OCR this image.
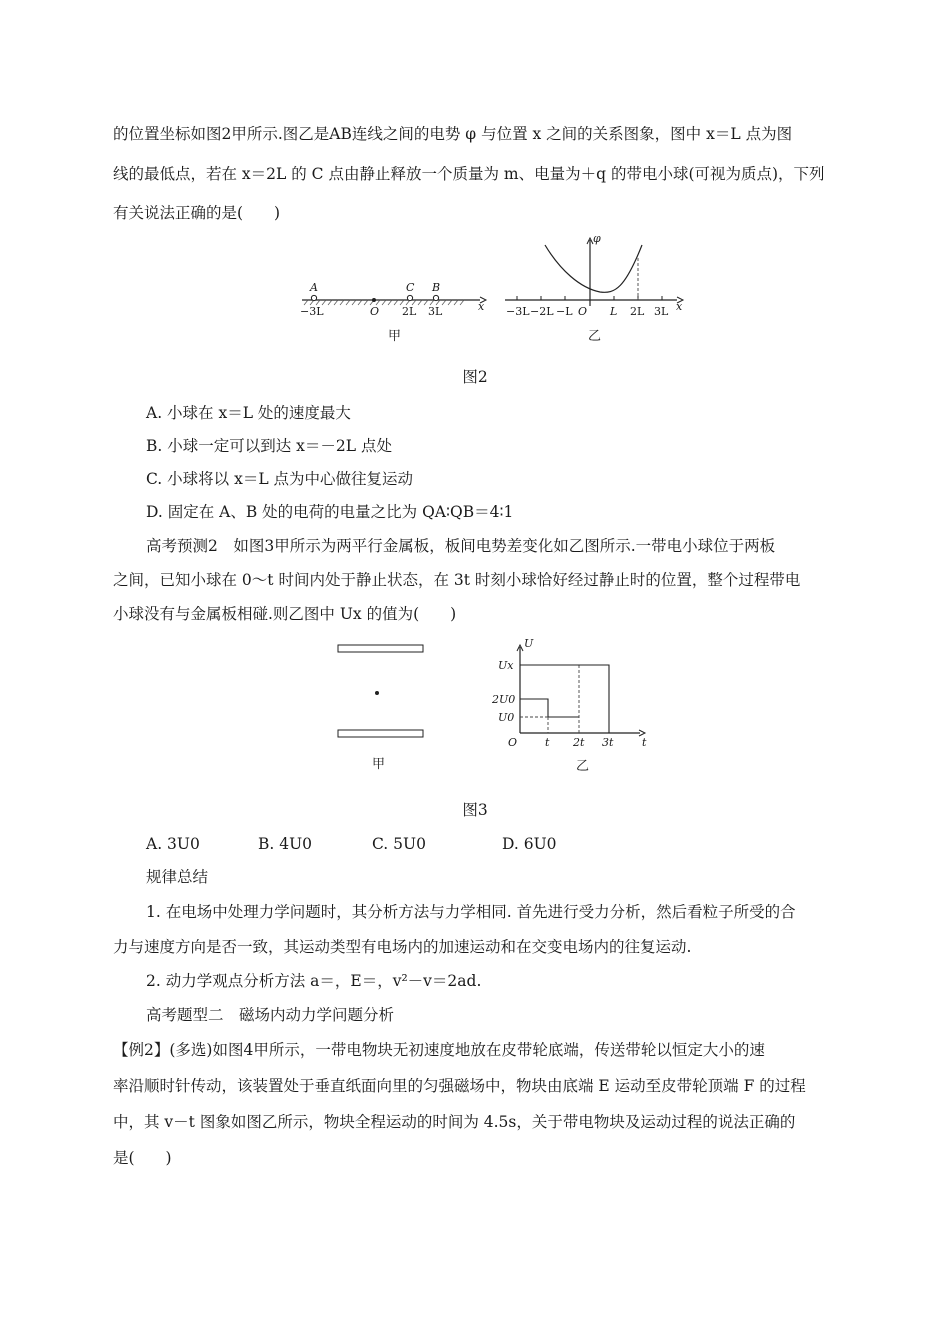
的位置坐标如图2甲所示.图乙是AB连线之间的电势 φ 与位置 x 之间的关系图象，图中 x＝L 点为图
线的最低点，若在 x＝2L 的 C 点由静止释放一个质量为 m、电量为＋q 的带电小球(可视为质点)，下列
有关说法正确的是(　　)
A	C B
−3L	O 2L 3L	x
甲
φ
x
−3L −2L −L O L 2L 3L
乙
图2
A. 小球在 x＝L 处的速度最大
B. 小球一定可以到达 x＝－2L 点处
C. 小球将以 x＝L 点为中心做往复运动
D. 固定在 A、B 处的电荷的电量之比为 QA∶QB＝4∶1
高考预测2　如图3甲所示为两平行金属板，板间电势差变化如乙图所示.一带电小球位于两板
之间，已知小球在 0～t 时间内处于静止状态，在 3t 时刻小球恰好经过静止时的位置，整个过程带电
小球没有与金属板相碰.则乙图中 Ux 的值为(　　)
甲
U
t
Ux
2U0
U0
O	t 2t 3t
乙
图3
A. 3U0	B. 4U0	C. 5U0	D. 6U0
规律总结
1. 在电场中处理力学问题时，其分析方法与力学相同. 首先进行受力分析，然后看粒子所受的合
力与速度方向是否一致，其运动类型有电场内的加速运动和在交变电场内的往复运动.
2. 动力学观点分析方法 a＝，E＝，v²－v＝2ad.
高考题型二　磁场内动力学问题分析
【例2】(多选)如图4甲所示，一带电物块无初速度地放在皮带轮底端，传送带轮以恒定大小的速
率沿顺时针传动，该装置处于垂直纸面向里的匀强磁场中，物块由底端 E 运动至皮带轮顶端 F 的过程
中，其 v－t 图象如图乙所示，物块全程运动的时间为 4.5s，关于带电物块及运动过程的说法正确的
是(　　)
